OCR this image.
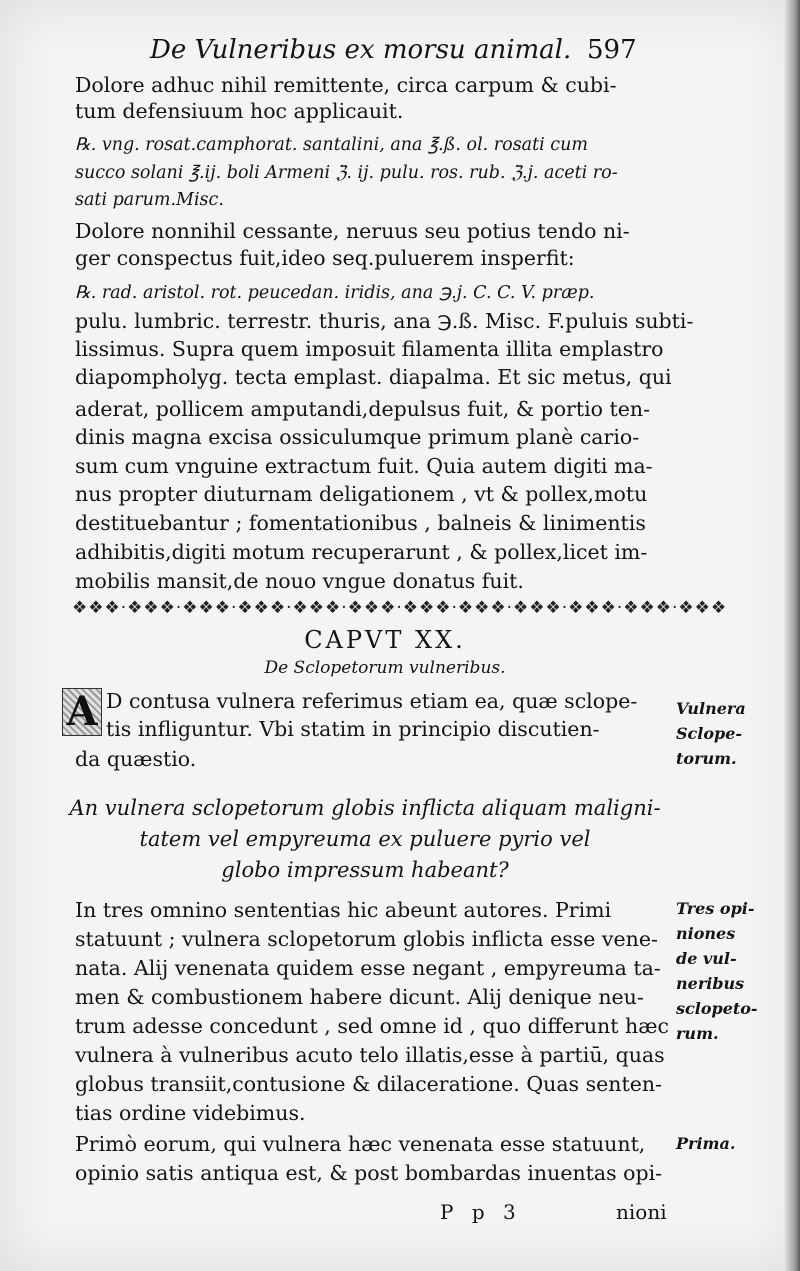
De Vulneribus ex morsu animal. 597
Dolore adhuc nihil remittente, circa carpum & cubi-
tum defensiuum hoc applicauit.
℞. vng. rosat.camphorat. santalini, ana ℥.ß. ol. rosati cum
succo solani ℥.ij. boli Armeni ℨ. ij. pulu. ros. rub. ℨ.j. aceti ro-
sati parum.Misc.
Dolore nonnihil cessante, neruus seu potius tendo ni-
ger conspectus fuit,ideo seq.puluerem insperfit:
℞. rad. aristol. rot. peucedan. iridis, ana ℈.j. C. C. V. præp.
pulu. lumbric. terrestr. thuris, ana ℈.ß. Misc. F.puluis subti-
lissimus. Supra quem imposuit filamenta illita emplastro
diapompholyg. tecta emplast. diapalma. Et sic metus, qui
aderat, pollicem amputandi,depulsus fuit, & portio ten-
dinis magna excisa ossiculumque primum planè cario-
sum cum vnguine extractum fuit. Quia autem digiti ma-
nus propter diuturnam deligationem , vt & pollex,motu
destituebantur ; fomentationibus , balneis & linimentis
adhibitis,digiti motum recuperarunt , & pollex,licet im-
mobilis mansit,de nouo vngue donatus fuit.
❖❖❖·❖❖❖·❖❖❖·❖❖❖·❖❖❖·❖❖❖·❖❖❖·❖❖❖·❖❖❖·❖❖❖·❖❖❖·❖❖❖
CAPVT XX.
De Sclopetorum vulneribus.
A D contusa vulnera referimus etiam ea, quæ sclope-
tis infliguntur. Vbi statim in principio discutien-
da quæstio.
An vulnera sclopetorum globis inflicta aliquam maligni-
tatem vel empyreuma ex puluere pyrio vel
globo impressum habeant?
In tres omnino sententias hic abeunt autores. Primi
statuunt ; vulnera sclopetorum globis inflicta esse vene-
nata. Alij venenata quidem esse negant , empyreuma ta-
men & combustionem habere dicunt. Alij denique neu-
trum adesse concedunt , sed omne id , quo differunt hæc
vulnera à vulneribus acuto telo illatis,esse à partiū, quas
globus transiit,contusione & dilaceratione. Quas senten-
tias ordine videbimus.
Primò eorum, qui vulnera hæc venenata esse statuunt,
opinio satis antiqua est, & post bombardas inuentas opi-
P p 3	nioni
Vulnera
Sclope-
torum.
Tres opi-
niones
de vul-
neribus
sclopeto-
rum.
Prima.
